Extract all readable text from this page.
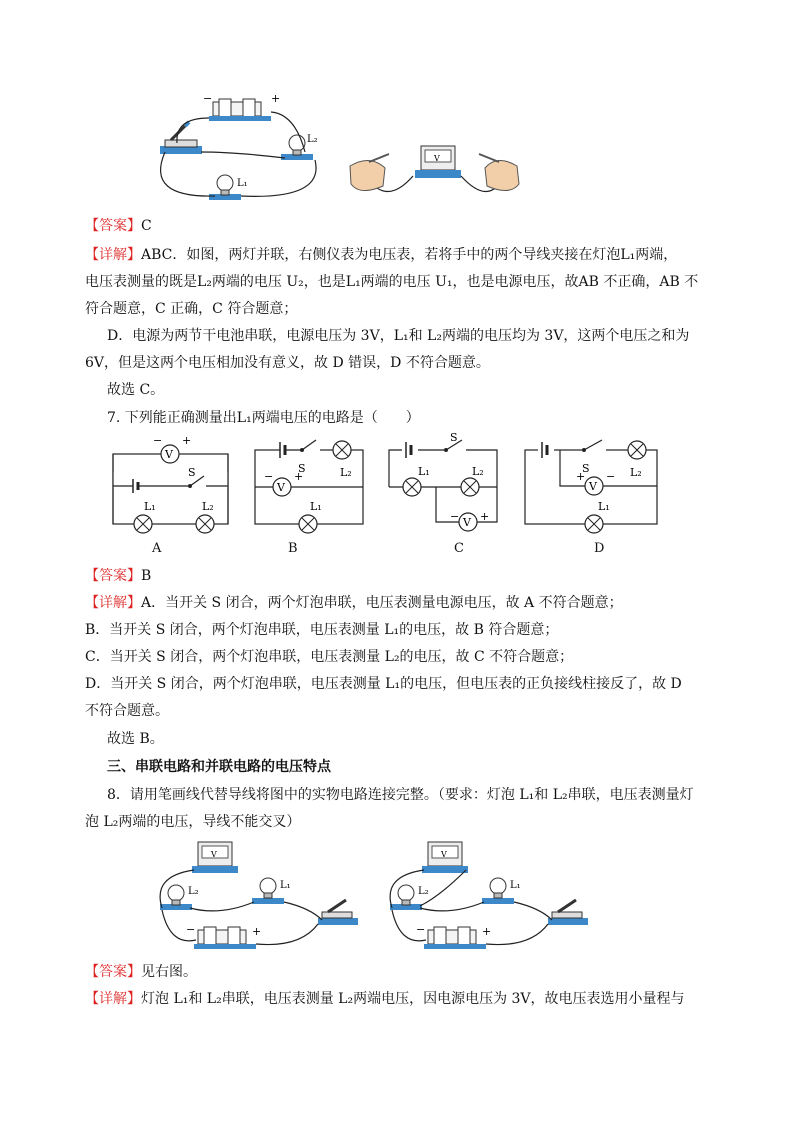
−	+
L₂
L₁
V
【答案】C
【详解】ABC．如图，两灯并联，右侧仪表为电压表，若将手中的两个导线夹接在灯泡L₁两端，
电压表测量的既是L₂两端的电压 U₂，也是L₁两端的电压 U₁，也是电源电压，故AB 不正确，AB 不
符合题意，C 正确，C 符合题意；
D．电源为两节干电池串联，电源电压为 3V，L₁和 L₂两端的电压均为 3V，这两个电压之和为
6V，但是这两个电压相加没有意义，故 D 错误，D 不符合题意。
故选 C。
7. 下列能正确测量出L₁两端电压的电路是（　　）
S
V
− +
L₁	L₂
A
S	L₂
V
− +
L₁
B
S
L₁	L₂
V
− +
C
S	L₂
V
+ −
L₁
D
【答案】B
【详解】A．当开关 S 闭合，两个灯泡串联，电压表测量电源电压，故 A 不符合题意；
B．当开关 S 闭合，两个灯泡串联，电压表测量 L₁的电压，故 B 符合题意；
C．当开关 S 闭合，两个灯泡串联，电压表测量 L₂的电压，故 C 不符合题意；
D．当开关 S 闭合，两个灯泡串联，电压表测量 L₁的电压，但电压表的正负接线柱接反了，故 D
不符合题意。
故选 B。
三、串联电路和并联电路的电压特点
8．请用笔画线代替导线将图中的实物电路连接完整。（要求：灯泡 L₁和 L₂串联，电压表测量灯
泡 L₂两端的电压，导线不能交叉）
V
L₂
L₁
−	+
V
L₂
L₁
−	+
【答案】见右图。
【详解】灯泡 L₁和 L₂串联，电压表测量 L₂两端电压，因电源电压为 3V，故电压表选用小量程与
